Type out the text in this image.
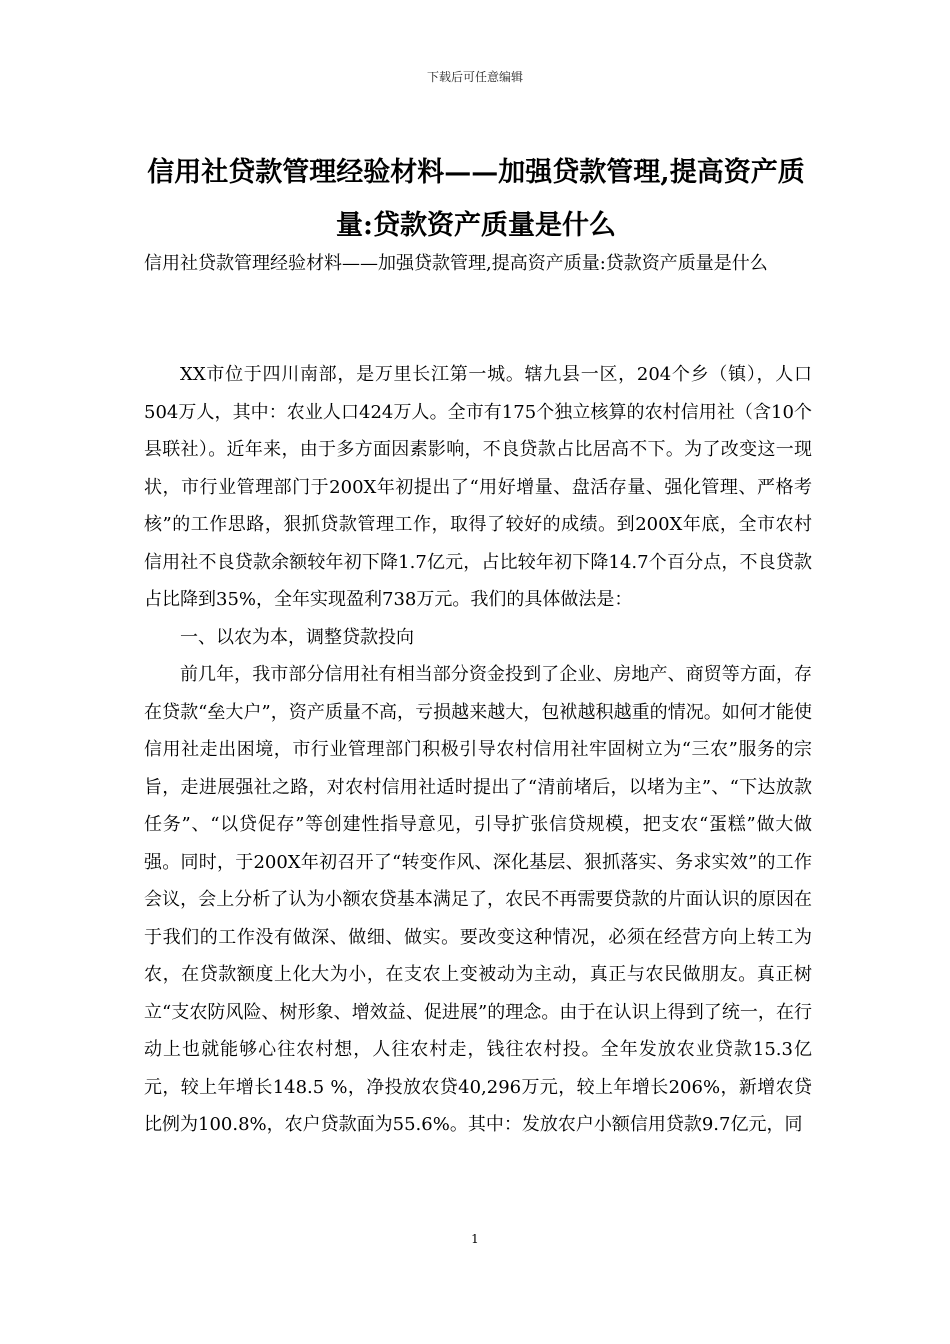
下载后可任意编辑
信用社贷款管理经验材料——加强贷款管理,提高资产质量:贷款资产质量是什么
信用社贷款管理经验材料——加强贷款管理,提高资产质量:贷款资产质量是什么

XX市位于四川南部，是万里长江第一城。辖九县一区，204个乡（镇），人口504万人，其中：农业人口424万人。全市有175个独立核算的农村信用社（含10个县联社）。近年来，由于多方面因素影响，不良贷款占比居高不下。为了改变这一现状，市行业管理部门于200X年初提出了“用好增量、盘活存量、强化管理、严格考核”的工作思路，狠抓贷款管理工作，取得了较好的成绩。到200X年底，全市农村信用社不良贷款余额较年初下降1.7亿元，占比较年初下降14.7个百分点，不良贷款占比降到35%，全年实现盈利738万元。我们的具体做法是：

一、以农为本，调整贷款投向

前几年，我市部分信用社有相当部分资金投到了企业、房地产、商贸等方面，存在贷款“垒大户”，资产质量不高，亏损越来越大，包袱越积越重的情况。如何才能使信用社走出困境，市行业管理部门积极引导农村信用社牢固树立为“三农”服务的宗旨，走进展强社之路，对农村信用社适时提出了“清前堵后，以堵为主”、“下达放款任务”、“以贷促存”等创建性指导意见，引导扩张信贷规模，把支农“蛋糕”做大做强。同时，于200X年初召开了“转变作风、深化基层、狠抓落实、务求实效”的工作会议，会上分析了认为小额农贷基本满足了，农民不再需要贷款的片面认识的原因在于我们的工作没有做深、做细、做实。要改变这种情况，必须在经营方向上转工为农，在贷款额度上化大为小，在支农上变被动为主动，真正与农民做朋友。真正树立“支农防风险、树形象、增效益、促进展”的理念。由于在认识上得到了统一，在行动上也就能够心往农村想，人往农村走，钱往农村投。全年发放农业贷款15.3亿元，较上年增长148.5 %，净投放农贷40,296万元，较上年增长206%，新增农贷比例为100.8%，农户贷款面为55.6%。其中：发放农户小额信用贷款9.7亿元，同

1
